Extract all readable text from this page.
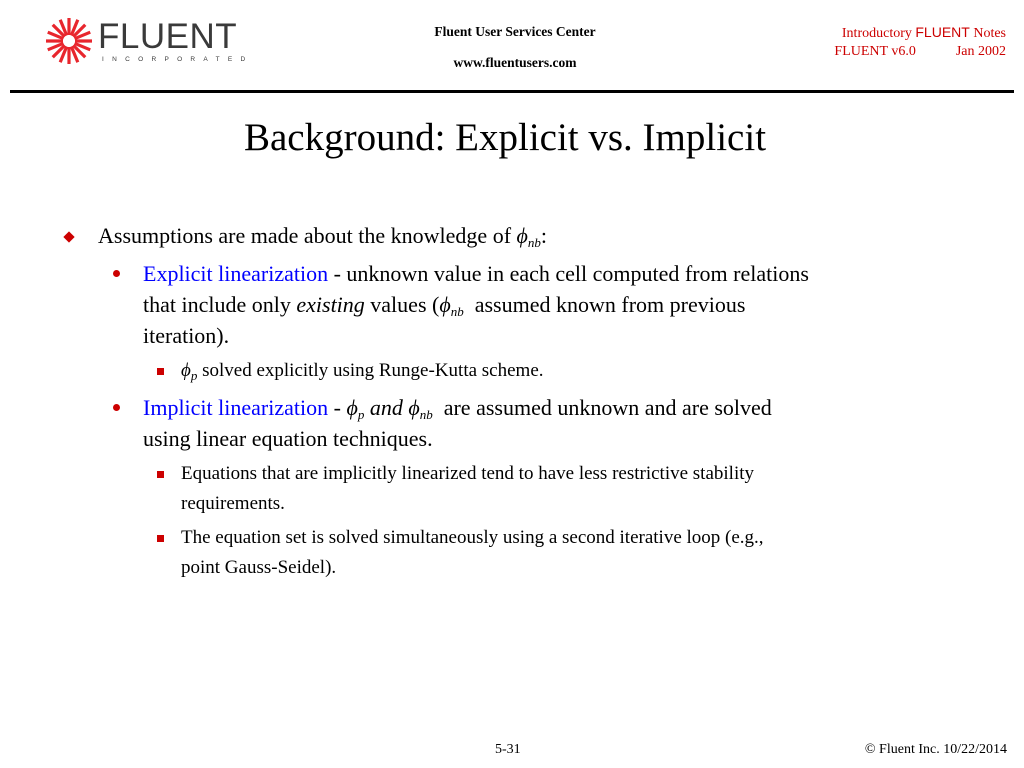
FLUENT
INCORPORATED
Fluent User Services Center
www.fluentusers.com
Introductory FLUENT Notes
FLUENT v6.0	Jan 2002
Background: Explicit vs. Implicit
Assumptions are made about the knowledge of $\phi_{nb}$:
Explicit linearization - unknown value in each cell computed from relations
that include only existing values ($\phi_{nb}$ assumed known from previous
iteration).
$\phi_p$ solved explicitly using Runge-Kutta scheme.
Implicit linearization - $\phi_p$ and $\phi_{nb}$ are assumed unknown and are solved
using linear equation techniques.
Equations that are implicitly linearized tend to have less restrictive stability
requirements.
The equation set is solved simultaneously using a second iterative loop (e.g.,
point Gauss-Seidel).
5-31	© Fluent Inc. 10/22/2014
